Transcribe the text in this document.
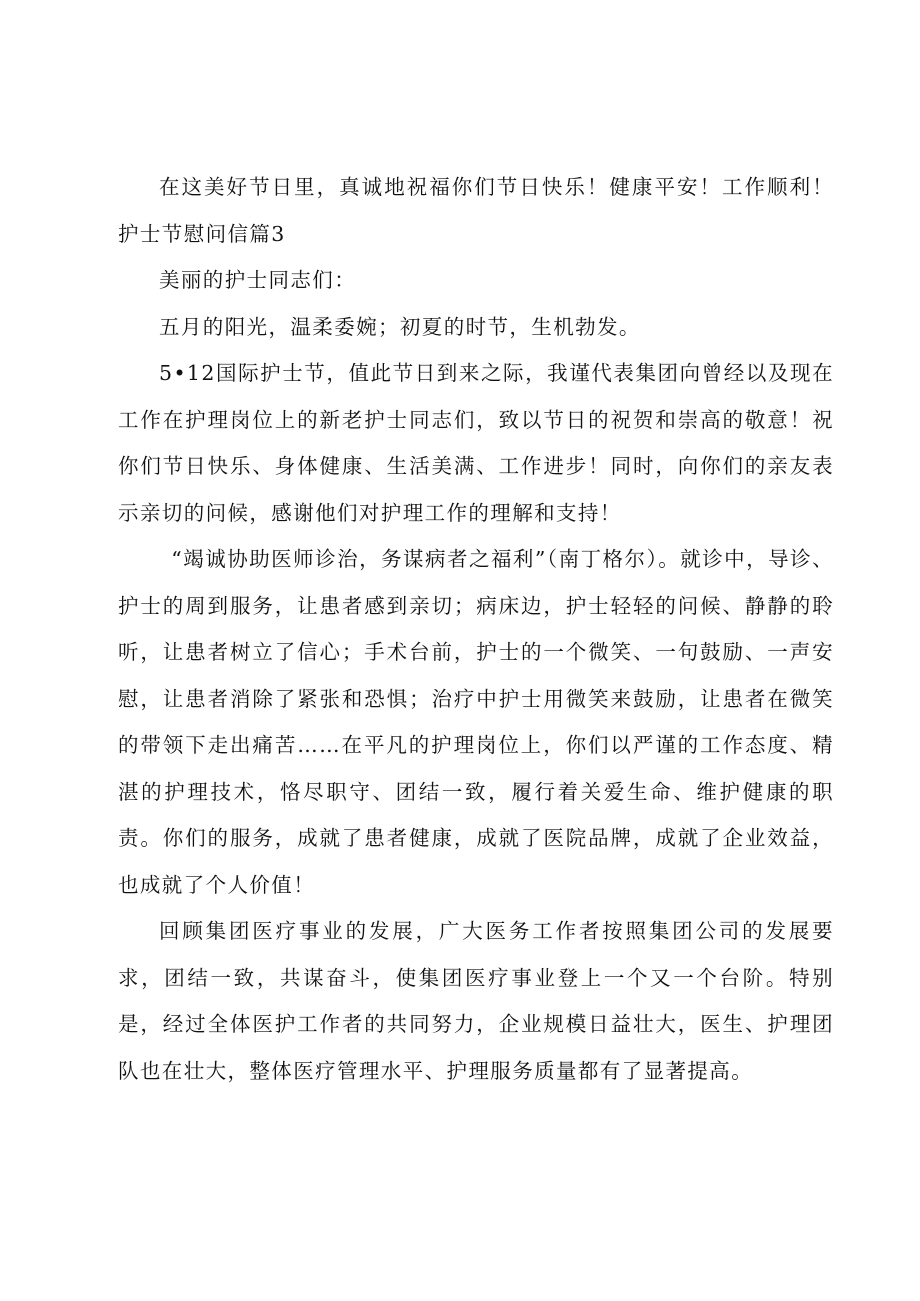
在这美好节日里，真诚地祝福你们节日快乐！健康平安！工作顺利！护士节慰问信篇3

美丽的护士同志们：

五月的阳光，温柔委婉；初夏的时节，生机勃发。

5•12国际护士节，值此节日到来之际，我谨代表集团向曾经以及现在工作在护理岗位上的新老护士同志们，致以节日的祝贺和崇高的敬意！祝你们节日快乐、身体健康、生活美满、工作进步！同时，向你们的亲友表示亲切的问候，感谢他们对护理工作的理解和支持！

“竭诚协助医师诊治，务谋病者之福利”（南丁格尔）。就诊中，导诊、护士的周到服务，让患者感到亲切；病床边，护士轻轻的问候、静静的聆听，让患者树立了信心；手术台前，护士的一个微笑、一句鼓励、一声安慰，让患者消除了紧张和恐惧；治疗中护士用微笑来鼓励，让患者在微笑的带领下走出痛苦……在平凡的护理岗位上，你们以严谨的工作态度、精湛的护理技术，恪尽职守、团结一致，履行着关爱生命、维护健康的职责。你们的服务，成就了患者健康，成就了医院品牌，成就了企业效益，也成就了个人价值！

回顾集团医疗事业的发展，广大医务工作者按照集团公司的发展要求，团结一致，共谋奋斗，使集团医疗事业登上一个又一个台阶。特别是，经过全体医护工作者的共同努力，企业规模日益壮大，医生、护理团队也在壮大，整体医疗管理水平、护理服务质量都有了显著提高。
